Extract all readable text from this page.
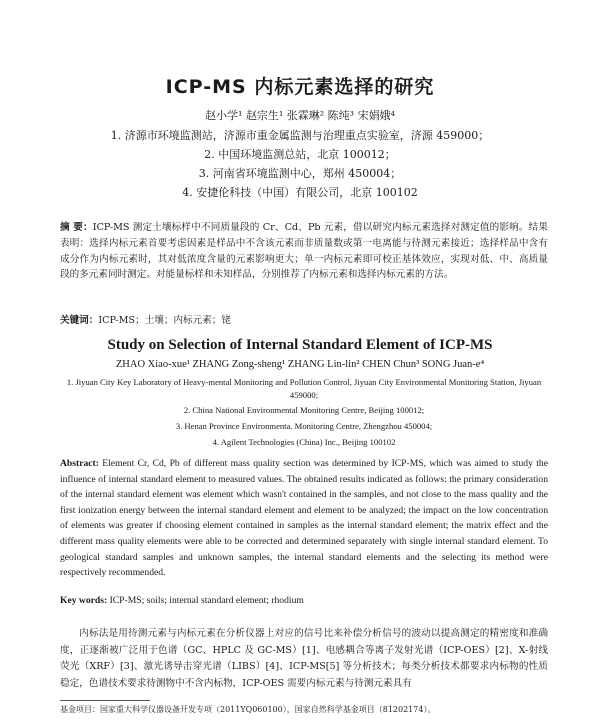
ICP-MS 内标元素选择的研究
赵小学¹ 赵宗生¹ 张霖琳² 陈纯³ 宋娟娥⁴
1. 济源市环境监测站，济源市重金属监测与治理重点实验室，济源 459000；
2. 中国环境监测总站，北京 100012；
3. 河南省环境监测中心，郑州 450004；
4. 安捷伦科技（中国）有限公司，北京 100102
摘 要：ICP-MS 测定土壤标样中不同质量段的 Cr、Cd、Pb 元素，借以研究内标元素选择对测定值的影响。结果表明：选择内标元素首要考虑因素是样品中不含该元素而非质量数或第一电离能与待测元素接近；选择样品中含有成分作为内标元素时，其对低浓度含量的元素影响更大；单一内标元素即可校正基体效应，实现对低、中、高质量段的多元素同时测定。对能量标样和未知样品，分别推荐了内标元素和选择内标元素的方法。
关键词：ICP-MS；土壤；内标元素；铑
Study on Selection of Internal Standard Element of ICP-MS
ZHAO Xiao-xue¹ ZHANG Zong-sheng¹ ZHANG Lin-lin² CHEN Chun³ SONG Juan-e⁴
1. Jiyuan City Key Laboratory of Heavy-mental Monitoring and Pollution Control, Jiyuan City Environmental Monitoring Station, Jiyuan 459000;
2. China National Environmental Monitoring Centre, Beijing 100012;
3. Henan Province Environmenta. Monitoring Centre, Zhengzhou 450004;
4. Agilent Technologies (China) Inc., Beijing 100102
Abstract: Element Cr, Cd, Pb of different mass quality section was determined by ICP-MS, which was aimed to study the influence of internal standard element to measured values. The obtained results indicated as follows: the primary consideration of the internal standard element was element which wasn't contained in the samples, and not close to the mass quality and the first ionization energy between the internal standard element and element to be analyzed; the impact on the low concentration of elements was greater if choosing element contained in samples as the internal standard element; the matrix effect and the different mass quality elements were able to be corrected and determined separately with single internal standard element. To geological standard samples and unknown samples, the internal standard elements and the selecting its method were respectively recommended.
Key words: ICP-MS; soils; internal standard element; rhodium
内标法是用待测元素与内标元素在分析仪器上对应的信号比来补偿分析信号的波动以提高测定的精密度和准确度，正逐渐被广泛用于色谱（GC、HPLC 及 GC-MS）[1]、电感耦合等离子发射光谱（ICP-OES）[2]、X-射线荧光（XRF）[3]、激光诱导击穿光谱（LIBS）[4]、ICP-MS[5] 等分析技术；每类分析技术都要求内标物的性质稳定，色谱技术要求待测物中不含内标物，ICP-OES 需要内标元素与待测元素具有
基金项目：国家重大科学仪器设备开发专项（2011YQ060100），国家自然科学基金项目（81202174）。
